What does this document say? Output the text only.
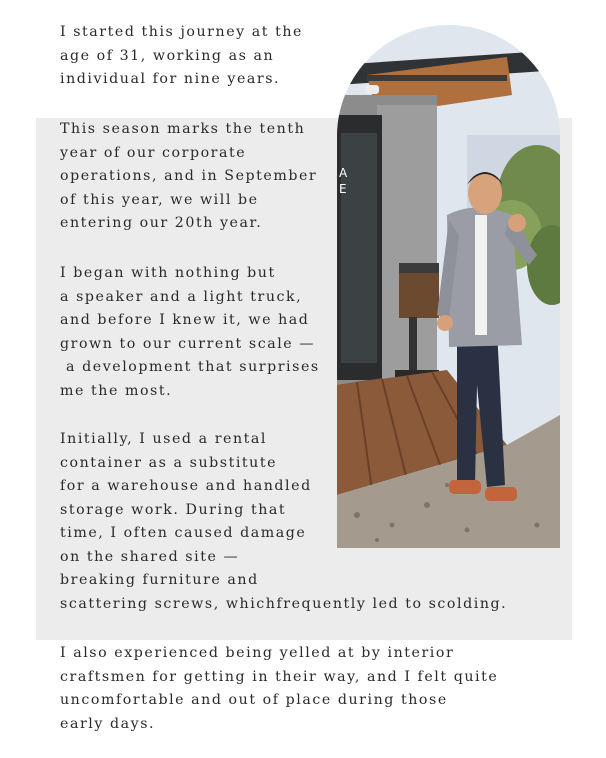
I started this journey at the
age of 31, working as an
individual for nine years.

This season marks the tenth
year of our corporate
operations, and in September
of this year, we will be
entering our 20th year.

I began with nothing but
a speaker and a light truck,
and before I knew it, we had
grown to our current scale —
a development that surprises
me the most.

Initially, I used a rental
container as a substitute
for a warehouse and handled
storage work. During that
time, I often caused damage
on the shared site —
breaking furniture and
scattering screws, whichfrequently led to scolding.

I also experienced being yelled at by interior
craftsmen for getting in their way, and I felt quite
uncomfortable and out of place during those
early days.

A
E
